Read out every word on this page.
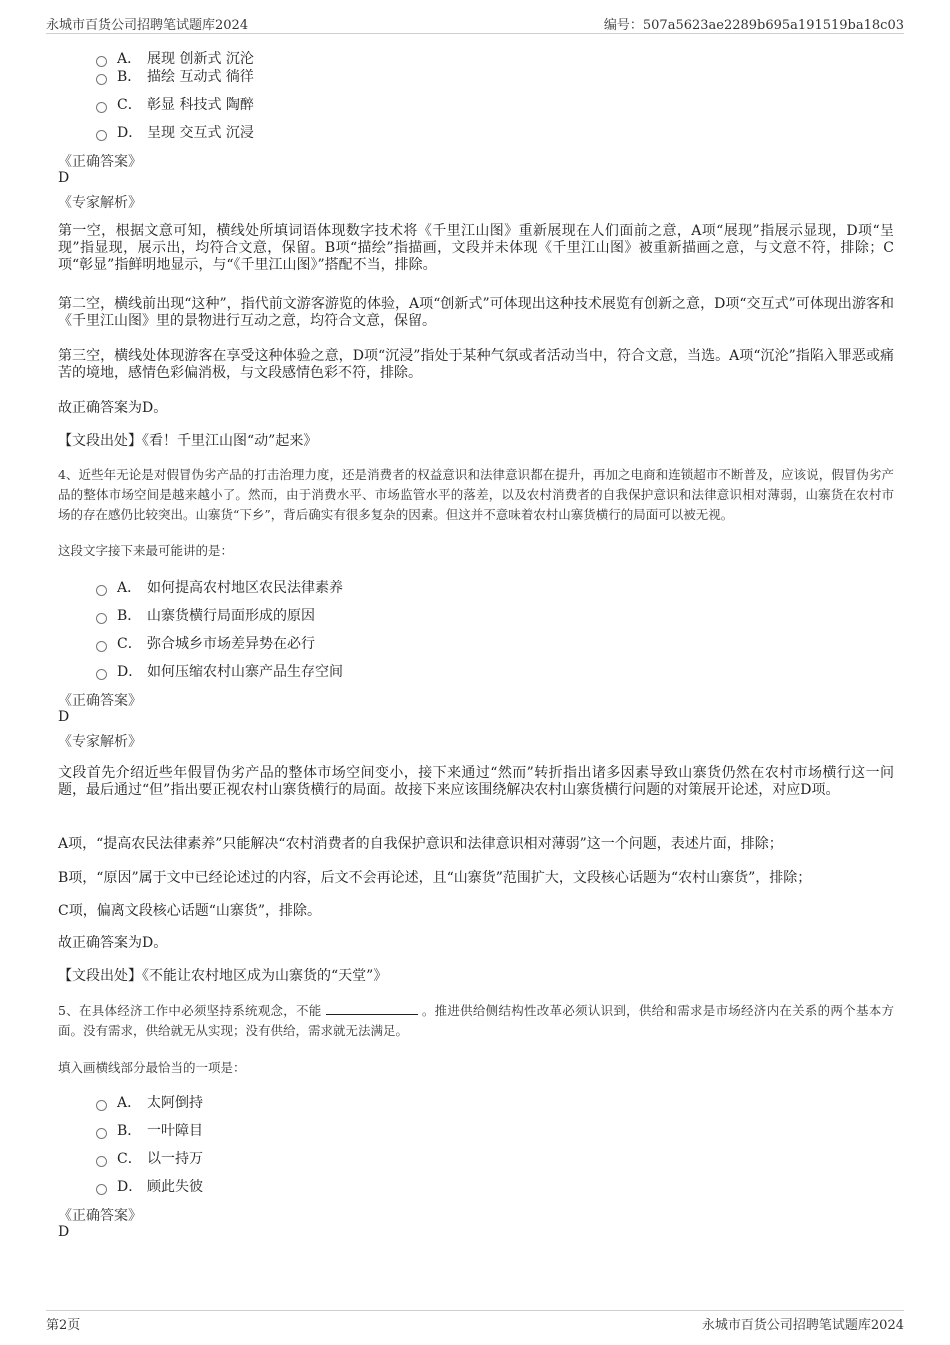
永城市百货公司招聘笔试题库2024	编号：507a5623ae2289b695a191519ba18c03
A． 展现 创新式 沉沦
B． 描绘 互动式 徜徉
C． 彰显 科技式 陶醉
D． 呈现 交互式 沉浸
《正确答案》
D
《专家解析》
第一空，根据文意可知，横线处所填词语体现数字技术将《千里江山图》重新展现在人们面前之意，A项“展现”指展示显现，D项“呈现”指显现，展示出，均符合文意，保留。B项“描绘”指描画，文段并未体现《千里江山图》被重新描画之意，与文意不符，排除；C项“彰显”指鲜明地显示，与“《千里江山图》”搭配不当，排除。
第二空，横线前出现“这种”，指代前文游客游览的体验，A项“创新式”可体现出这种技术展览有创新之意，D项“交互式”可体现出游客和《千里江山图》里的景物进行互动之意，均符合文意，保留。
第三空，横线处体现游客在享受这种体验之意，D项“沉浸”指处于某种气氛或者活动当中，符合文意，当选。A项“沉沦”指陷入罪恶或痛苦的境地，感情色彩偏消极，与文段感情色彩不符，排除。
故正确答案为D。
【文段出处】《看！千里江山图“动”起来》
4、近些年无论是对假冒伪劣产品的打击治理力度，还是消费者的权益意识和法律意识都在提升，再加之电商和连锁超市不断普及，应该说，假冒伪劣产品的整体市场空间是越来越小了。然而，由于消费水平、市场监管水平的落差，以及农村消费者的自我保护意识和法律意识相对薄弱，山寨货在农村市场的存在感仍比较突出。山寨货“下乡”，背后确实有很多复杂的因素。但这并不意味着农村山寨货横行的局面可以被无视。
这段文字接下来最可能讲的是：
A． 如何提高农村地区农民法律素养
B． 山寨货横行局面形成的原因
C． 弥合城乡市场差异势在必行
D． 如何压缩农村山寨产品生存空间
《正确答案》
D
《专家解析》
文段首先介绍近些年假冒伪劣产品的整体市场空间变小，接下来通过“然而”转折指出诸多因素导致山寨货仍然在农村市场横行这一问题，最后通过“但”指出要正视农村山寨货横行的局面。故接下来应该围绕解决农村山寨货横行问题的对策展开论述，对应D项。
A项，“提高农民法律素养”只能解决“农村消费者的自我保护意识和法律意识相对薄弱”这一个问题，表述片面，排除；
B项，“原因”属于文中已经论述过的内容，后文不会再论述，且“山寨货”范围扩大，文段核心话题为“农村山寨货”，排除；
C项，偏离文段核心话题“山寨货”，排除。
故正确答案为D。
【文段出处】《不能让农村地区成为山寨货的“天堂”》
5、在具体经济工作中必须坚持系统观念，不能	。推进供给侧结构性改革必须认识到，供给和需求是市场经济内在关系的两个基本方面。没有需求，供给就无从实现；没有供给，需求就无法满足。
填入画横线部分最恰当的一项是：
A． 太阿倒持
B． 一叶障目
C． 以一持万
D． 顾此失彼
《正确答案》
D
第2页	永城市百货公司招聘笔试题库2024
